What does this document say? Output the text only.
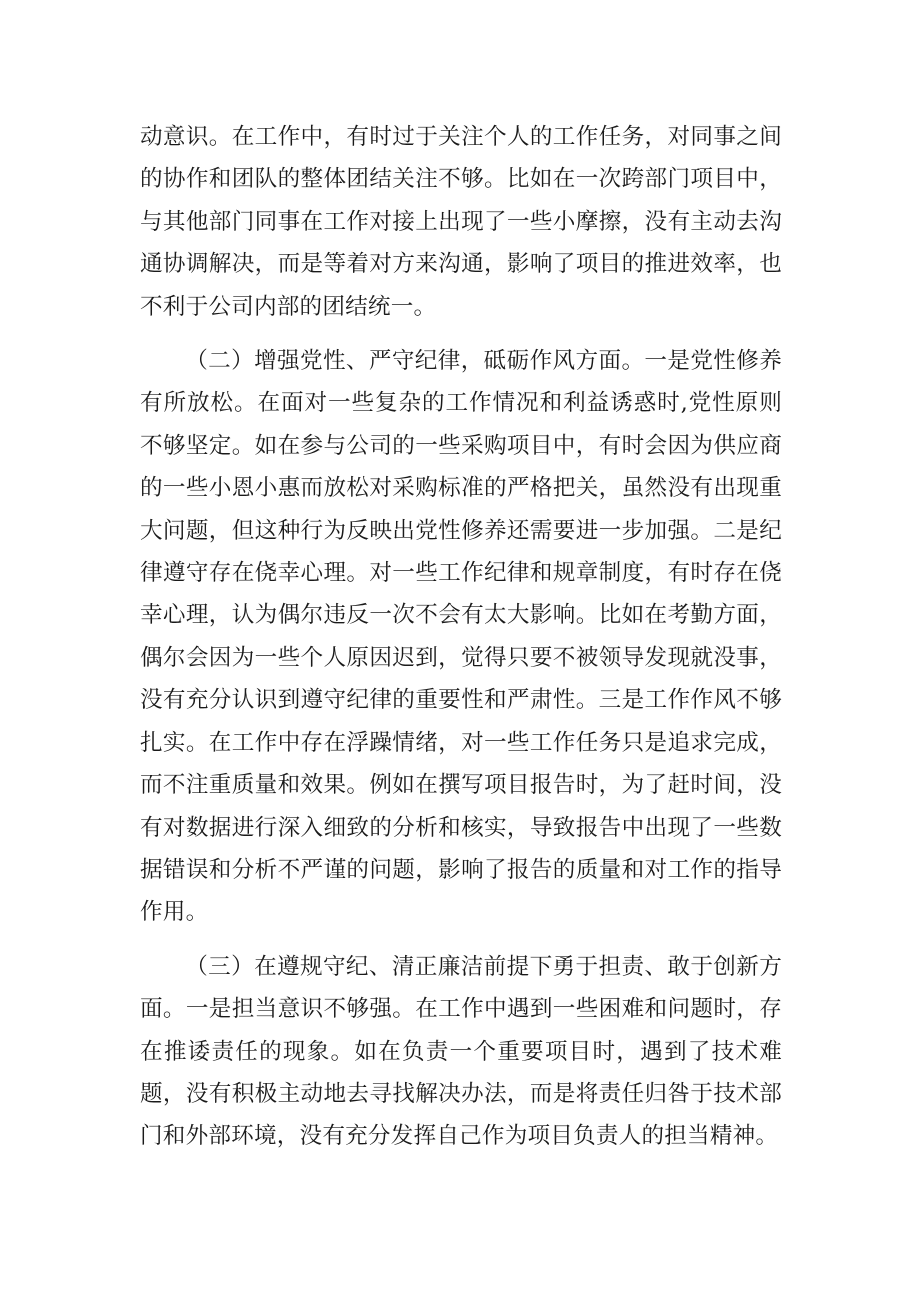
动意识。在工作中，有时过于关注个人的工作任务，对同事之间的协作和团队的整体团结关注不够。比如在一次跨部门项目中，与其他部门同事在工作对接上出现了一些小摩擦，没有主动去沟通协调解决，而是等着对方来沟通，影响了项目的推进效率，也不利于公司内部的团结统一。

（二）增强党性、严守纪律，砥砺作风方面。一是党性修养有所放松。在面对一些复杂的工作情况和利益诱惑时,党性原则不够坚定。如在参与公司的一些采购项目中，有时会因为供应商的一些小恩小惠而放松对采购标准的严格把关，虽然没有出现重大问题，但这种行为反映出党性修养还需要进一步加强。二是纪律遵守存在侥幸心理。对一些工作纪律和规章制度，有时存在侥幸心理，认为偶尔违反一次不会有太大影响。比如在考勤方面，偶尔会因为一些个人原因迟到，觉得只要不被领导发现就没事，没有充分认识到遵守纪律的重要性和严肃性。三是工作作风不够扎实。在工作中存在浮躁情绪，对一些工作任务只是追求完成，而不注重质量和效果。例如在撰写项目报告时，为了赶时间，没有对数据进行深入细致的分析和核实，导致报告中出现了一些数据错误和分析不严谨的问题，影响了报告的质量和对工作的指导作用。

（三）在遵规守纪、清正廉洁前提下勇于担责、敢于创新方面。一是担当意识不够强。在工作中遇到一些困难和问题时，存在推诿责任的现象。如在负责一个重要项目时，遇到了技术难题，没有积极主动地去寻找解决办法，而是将责任归咎于技术部门和外部环境，没有充分发挥自己作为项目负责人的担当精神。
